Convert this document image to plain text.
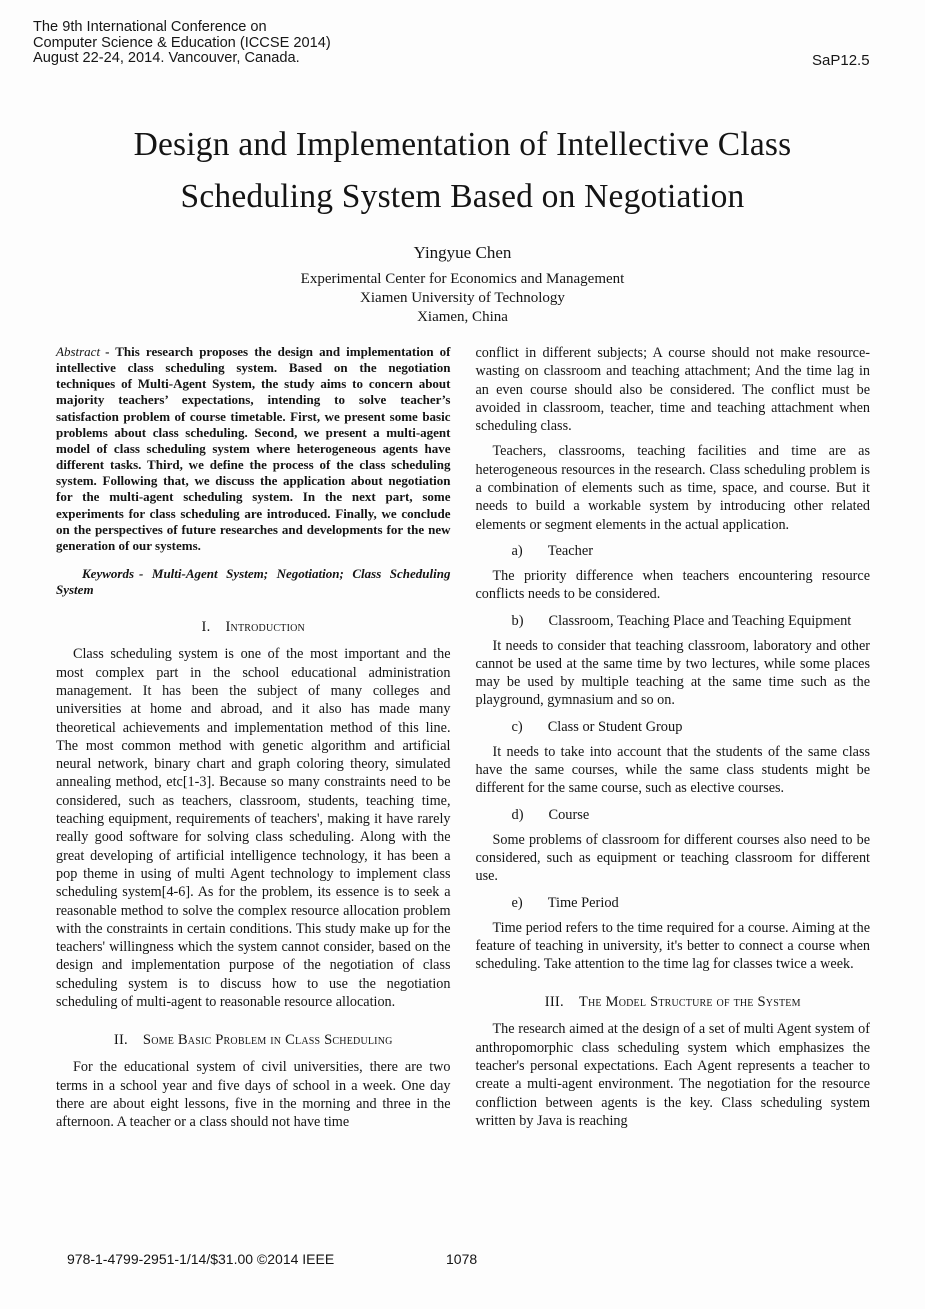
The 9th International Conference on
Computer Science & Education (ICCSE 2014)
August 22-24, 2014. Vancouver, Canada.	SaP12.5
Design and Implementation of Intellective Class
Scheduling System Based on Negotiation
Yingyue Chen
Experimental Center for Economics and Management
Xiamen University of Technology
Xiamen, China

Abstract - This research proposes the design and implementation of intellective class scheduling system. Based on the negotiation techniques of Multi-Agent System, the study aims to concern about majority teachers’ expectations, intending to solve teacher’s satisfaction problem of course timetable. First, we present some basic problems about class scheduling. Second, we present a multi-agent model of class scheduling system where heterogeneous agents have different tasks. Third, we define the process of the class scheduling system. Following that, we discuss the application about negotiation for the multi-agent scheduling system. In the next part, some experiments for class scheduling are introduced. Finally, we conclude on the perspectives of future researches and developments for the new generation of our systems.

Keywords - Multi-Agent System; Negotiation; Class Scheduling System

I. Introduction

Class scheduling system is one of the most important and the most complex part in the school educational administration management. It has been the subject of many colleges and universities at home and abroad, and it also has made many theoretical achievements and implementation method of this line. The most common method with genetic algorithm and artificial neural network, binary chart and graph coloring theory, simulated annealing method, etc[1-3]. Because so many constraints need to be considered, such as teachers, classroom, students, teaching time, teaching equipment, requirements of teachers', making it have rarely really good software for solving class scheduling. Along with the great developing of artificial intelligence technology, it has been a pop theme in using of multi Agent technology to implement class scheduling system[4-6]. As for the problem, its essence is to seek a reasonable method to solve the complex resource allocation problem with the constraints in certain conditions. This study make up for the teachers' willingness which the system cannot consider, based on the design and implementation purpose of the negotiation of class scheduling system is to discuss how to use the negotiation scheduling of multi-agent to reasonable resource allocation.

II. Some Basic Problem in Class Scheduling

For the educational system of civil universities, there are two terms in a school year and five days of school in a week. One day there are about eight lessons, five in the morning and three in the afternoon. A teacher or a class should not have time

conflict in different subjects; A course should not make resource-wasting on classroom and teaching attachment; And the time lag in an even course should also be considered. The conflict must be avoided in classroom, teacher, time and teaching attachment when scheduling class.

Teachers, classrooms, teaching facilities and time are as heterogeneous resources in the research. Class scheduling problem is a combination of elements such as time, space, and course. But it needs to build a workable system by introducing other related elements or segment elements in the actual application.

a) Teacher

The priority difference when teachers encountering resource conflicts needs to be considered.

b) Classroom, Teaching Place and Teaching Equipment

It needs to consider that teaching classroom, laboratory and other cannot be used at the same time by two lectures, while some places may be used by multiple teaching at the same time such as the playground, gymnasium and so on.

c) Class or Student Group

It needs to take into account that the students of the same class have the same courses, while the same class students might be different for the same course, such as elective courses.

d) Course

Some problems of classroom for different courses also need to be considered, such as equipment or teaching classroom for different use.

e) Time Period

Time period refers to the time required for a course. Aiming at the feature of teaching in university, it's better to connect a course when scheduling. Take attention to the time lag for classes twice a week.

III. The Model Structure of the System

The research aimed at the design of a set of multi Agent system of anthropomorphic class scheduling system which emphasizes the teacher's personal expectations. Each Agent represents a teacher to create a multi-agent environment. The negotiation for the resource confliction between agents is the key. Class scheduling system written by Java is reaching

978-1-4799-2951-1/14/$31.00 ©2014 IEEE	1078
